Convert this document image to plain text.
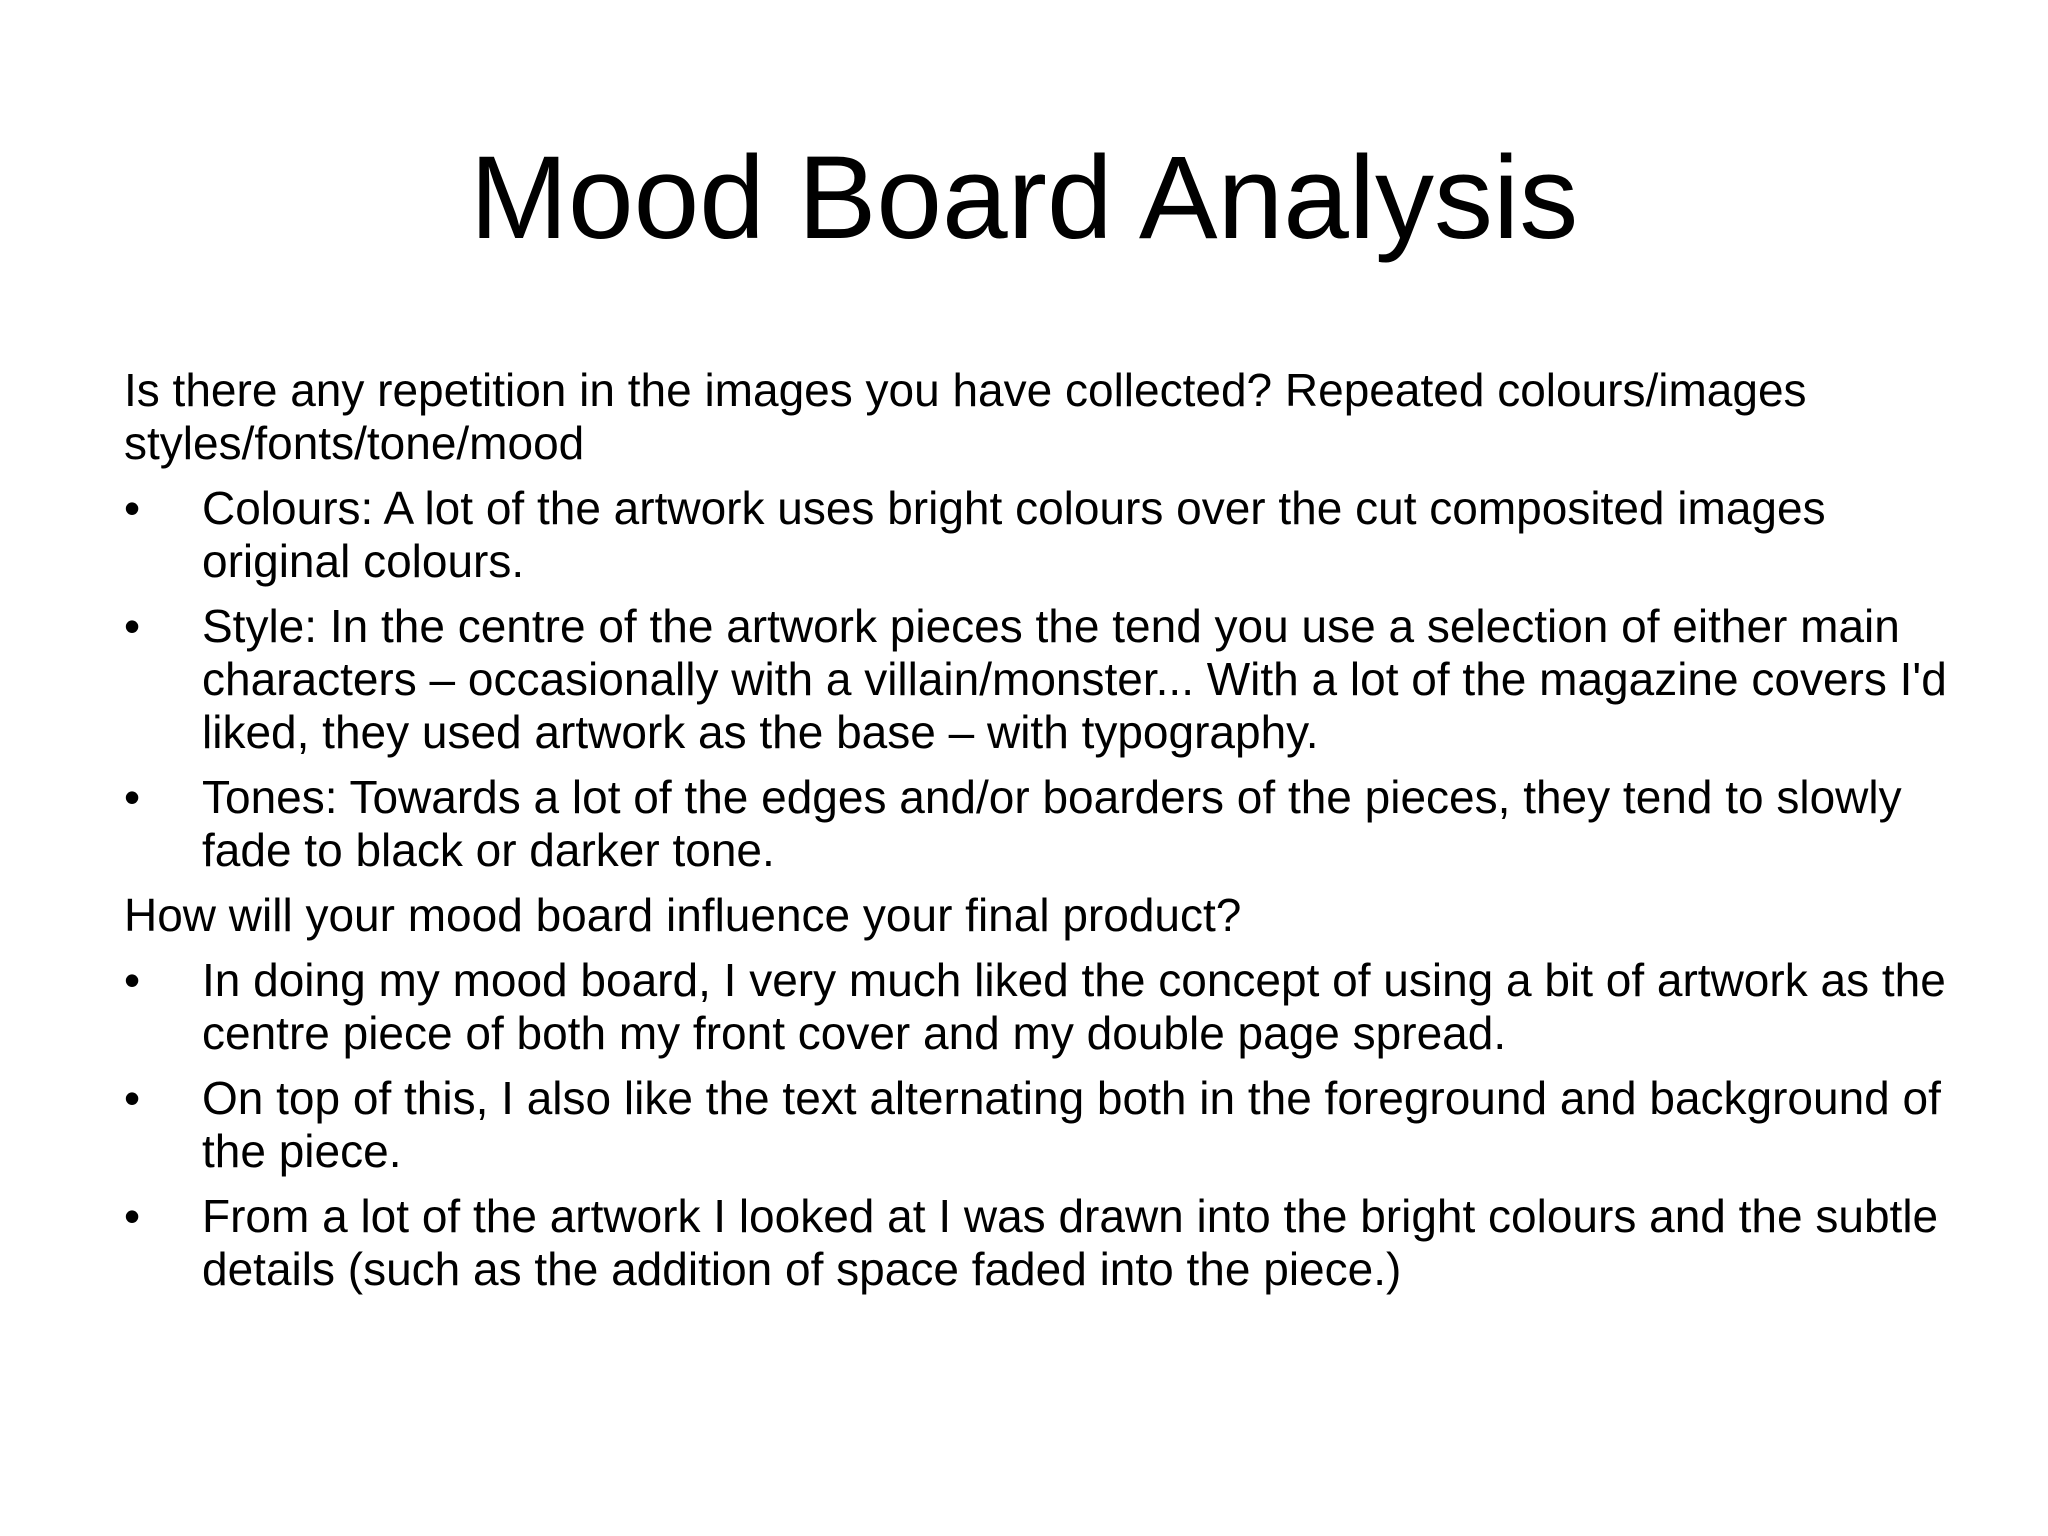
Mood Board Analysis

Is there any repetition in the images you have collected? Repeated colours/images styles/fonts/tone/mood

•	Colours: A lot of the artwork uses bright colours over the cut composited images original colours.
•	Style: In the centre of the artwork pieces the tend you use a selection of either main characters – occasionally with a villain/monster... With a lot of the magazine covers I'd liked, they used artwork as the base – with typography.
•	Tones: Towards a lot of the edges and/or boarders of the pieces, they tend to slowly fade to black or darker tone.

How will your mood board influence your final product?

•	In doing my mood board, I very much liked the concept of using a bit of artwork as the centre piece of both my front cover and my double page spread.
•	On top of this, I also like the text alternating both in the foreground and background of the piece.
•	From a lot of the artwork I looked at I was drawn into the bright colours and the subtle details (such as the addition of space faded into the piece.)
